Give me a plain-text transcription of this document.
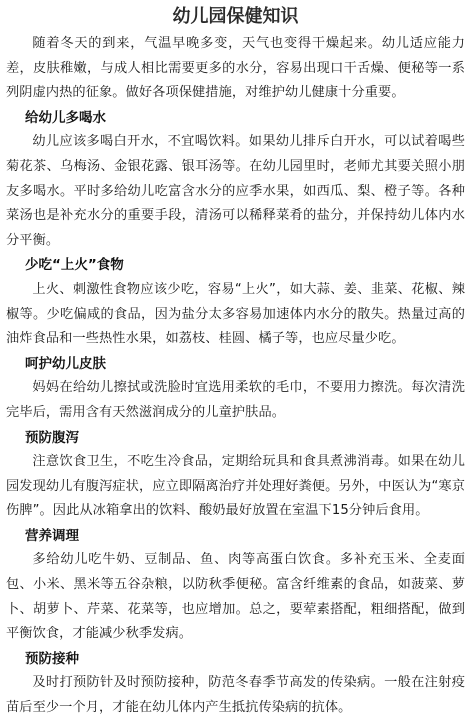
幼儿园保健知识

随着冬天的到来，气温早晚多变，天气也变得干燥起来。幼儿适应能力差，皮肤稚嫩，与成人相比需要更多的水分，容易出现口干舌燥、便秘等一系列阴虚内热的征象。做好各项保健措施，对维护幼儿健康十分重要。

给幼儿多喝水

幼儿应该多喝白开水，不宜喝饮料。如果幼儿排斥白开水，可以试着喝些菊花茶、乌梅汤、金银花露、银耳汤等。在幼儿园里时，老师尤其要关照小朋友多喝水。平时多给幼儿吃富含水分的应季水果，如西瓜、梨、橙子等。各种菜汤也是补充水分的重要手段，清汤可以稀释菜肴的盐分，并保持幼儿体内水分平衡。

少吃“上火”食物

上火、刺激性食物应该少吃，容易“上火”，如大蒜、姜、韭菜、花椒、辣椒等。少吃偏咸的食品，因为盐分太多容易加速体内水分的散失。热量过高的油炸食品和一些热性水果，如荔枝、桂圆、橘子等，也应尽量少吃。

呵护幼儿皮肤

妈妈在给幼儿擦拭或洗脸时宜选用柔软的毛巾，不要用力擦洗。每次清洗完毕后，需用含有天然滋润成分的儿童护肤品。

预防腹泻

注意饮食卫生，不吃生冷食品，定期给玩具和食具煮沸消毒。如果在幼儿园发现幼儿有腹泻症状，应立即隔离治疗并处理好粪便。另外，中医认为“寒京伤脾”。因此从冰箱拿出的饮料、酸奶最好放置在室温下15分钟后食用。

营养调理

多给幼儿吃牛奶、豆制品、鱼、肉等高蛋白饮食。多补充玉米、全麦面包、小米、黑米等五谷杂粮，以防秋季便秘。富含纤维素的食品，如菠菜、萝卜、胡萝卜、芹菜、花菜等，也应增加。总之，要荤素搭配，粗细搭配，做到平衡饮食，才能减少秋季发病。

预防接种

及时打预防针及时预防接种，防范冬春季节高发的传染病。一般在注射疫苗后至少一个月，才能在幼儿体内产生抵抗传染病的抗体。
